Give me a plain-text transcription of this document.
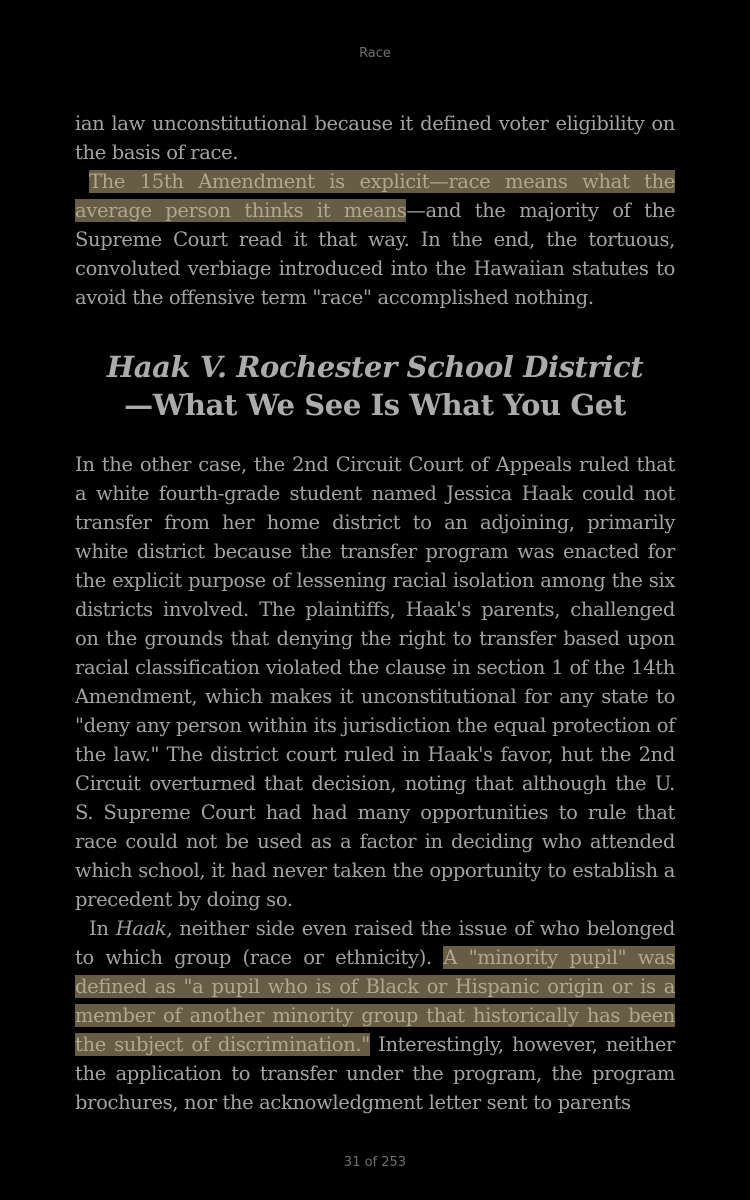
Race

ian law unconstitutional because it defined voter eligibility on the basis of race.

The 15th Amendment is explicit—race means what the average person thinks it means—and the majority of the Supreme Court read it that way. In the end, the tortuous, convoluted verbiage introduced into the Hawaiian statutes to avoid the offensive term "race" accomplished nothing.

Haak V. Rochester School District
—What We See Is What You Get

In the other case, the 2nd Circuit Court of Appeals ruled that a white fourth-grade student named Jessica Haak could not transfer from her home district to an adjoining, primarily white district because the transfer program was enacted for the explicit purpose of lessening racial isolation among the six districts involved. The plaintiffs, Haak's parents, challenged on the grounds that denying the right to transfer based upon racial classification violated the clause in section 1 of the 14th Amendment, which makes it unconstitutional for any state to "deny any person within its jurisdiction the equal protection of the law." The district court ruled in Haak's favor, hut the 2nd Circuit overturned that decision, noting that although the U. S. Supreme Court had had many opportunities to rule that race could not be used as a factor in deciding who attended which school, it had never taken the opportunity to establish a precedent by doing so.

In Haak, neither side even raised the issue of who belonged to which group (race or ethnicity). A "minority pupil" was defined as "a pupil who is of Black or Hispanic origin or is a member of another minority group that historically has been the subject of discrimination." Interestingly, however, neither the application to transfer under the program, the program brochures, nor the acknowledgment letter sent to parents

31 of 253
